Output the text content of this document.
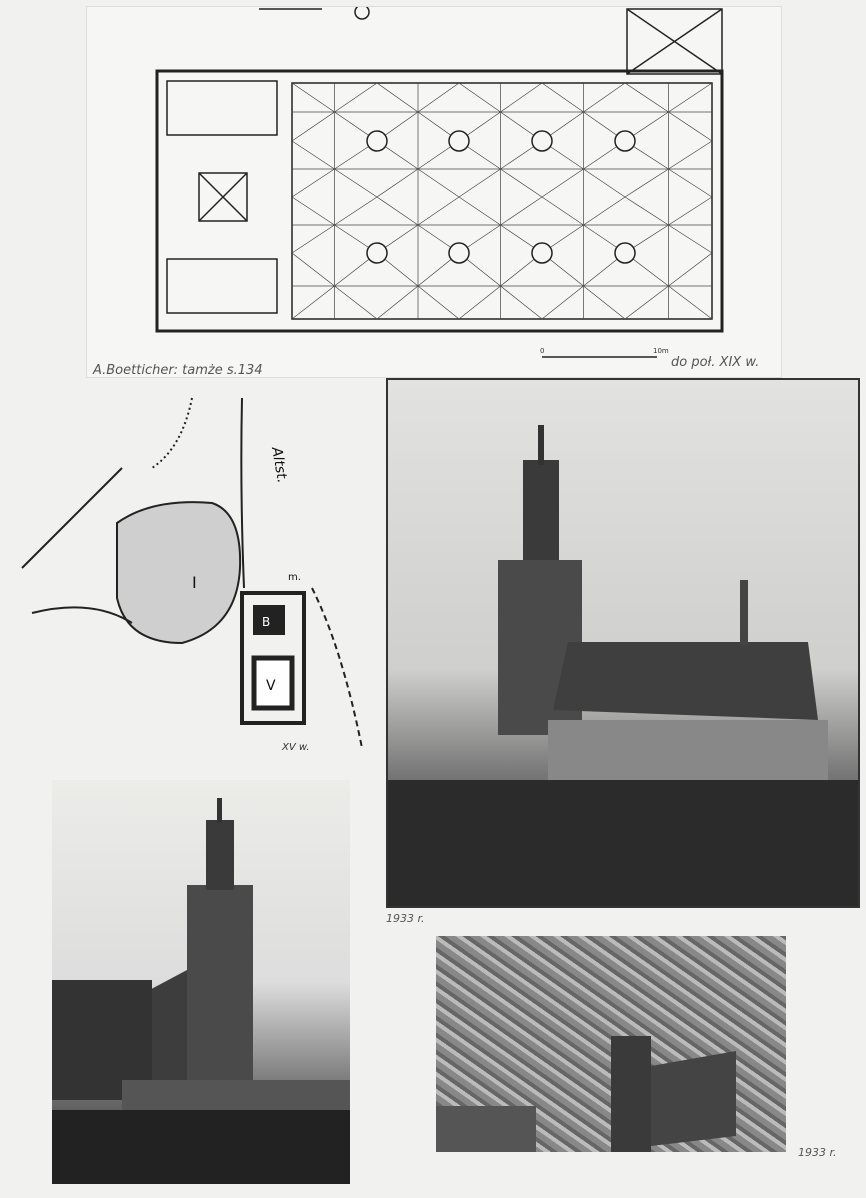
0	10m
A.Boetticher: tamże s.134
do poł. XIX w.
I
B
V
m.
Altst.
XV w.
1933 r.
1933 r.
